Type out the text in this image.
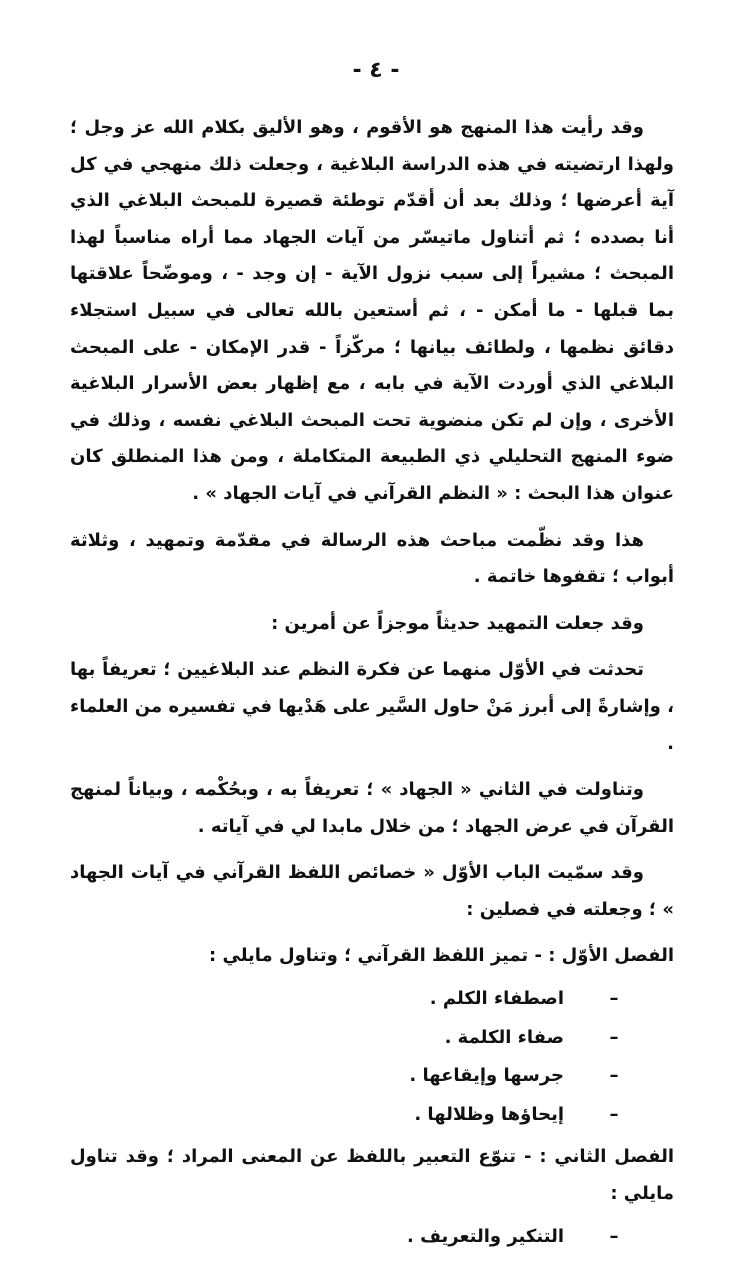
- ٤ -

وقد رأيت هذا المنهج هو الأقوم ، وهو الأليق بكلام الله عز وجل ؛ ولهذا ارتضيته في هذه الدراسة البلاغية ، وجعلت ذلك منهجي في كل آية أعرضها ؛ وذلك بعد أن أقدّم توطئة قصيرة للمبحث البلاغي الذي أنا بصدده ؛ ثم أتناول ماتيسّر من آيات الجهاد مما أراه مناسباً لهذا المبحث ؛ مشيراً إلى سبب نزول الآية - إن وجد - ، وموضّحاً علاقتها بما قبلها - ما أمكن - ، ثم أستعين بالله تعالى في سبيل استجلاء دقائق نظمها ، ولطائف بيانها ؛ مركّزاً - قدر الإمكان - على المبحث البلاغي الذي أوردت الآية في بابه ، مع إظهار بعض الأسرار البلاغية الأخرى ، وإن لم تكن منضوية تحت المبحث البلاغي نفسه ، وذلك في ضوء المنهج التحليلي ذي الطبيعة المتكاملة ، ومن هذا المنطلق كان عنوان هذا البحث : « النظم القرآني في آيات الجهاد » .

هذا وقد نظّمت مباحث هذه الرسالة في مقدّمة وتمهيد ، وثلاثة أبواب ؛ تقفوها خاتمة .

وقد جعلت التمهيد حديثاً موجزاً عن أمرين :

تحدثت في الأوّل منهما عن فكرة النظم عند البلاغيين ؛ تعريفاً بها ، وإشارةً إلى أبرز مَنْ حاول السَّير على هَدْيها في تفسيره من العلماء .

وتناولت في الثاني « الجهاد » ؛ تعريفاً به ، وبحُكْمه ، وبياناً لمنهج القرآن في عرض الجهاد ؛ من خلال مابدا لي في آياته .

وقد سمّيت الباب الأوّل « خصائص اللفظ القرآني في آيات الجهاد » ؛ وجعلته في فصلين :

الفصل الأوّل : - تميز اللفظ القرآني ؛ وتناول مايلي :

–
اصطفاء الكلم .
–
صفاء الكلمة .
–
جرسها وإيقاعها .
–
إيحاؤها وظلالها .

الفصل الثاني : - تنوّع التعبير باللفظ عن المعنى المراد ؛ وقد تناول مايلي :

–
التنكير والتعريف .
